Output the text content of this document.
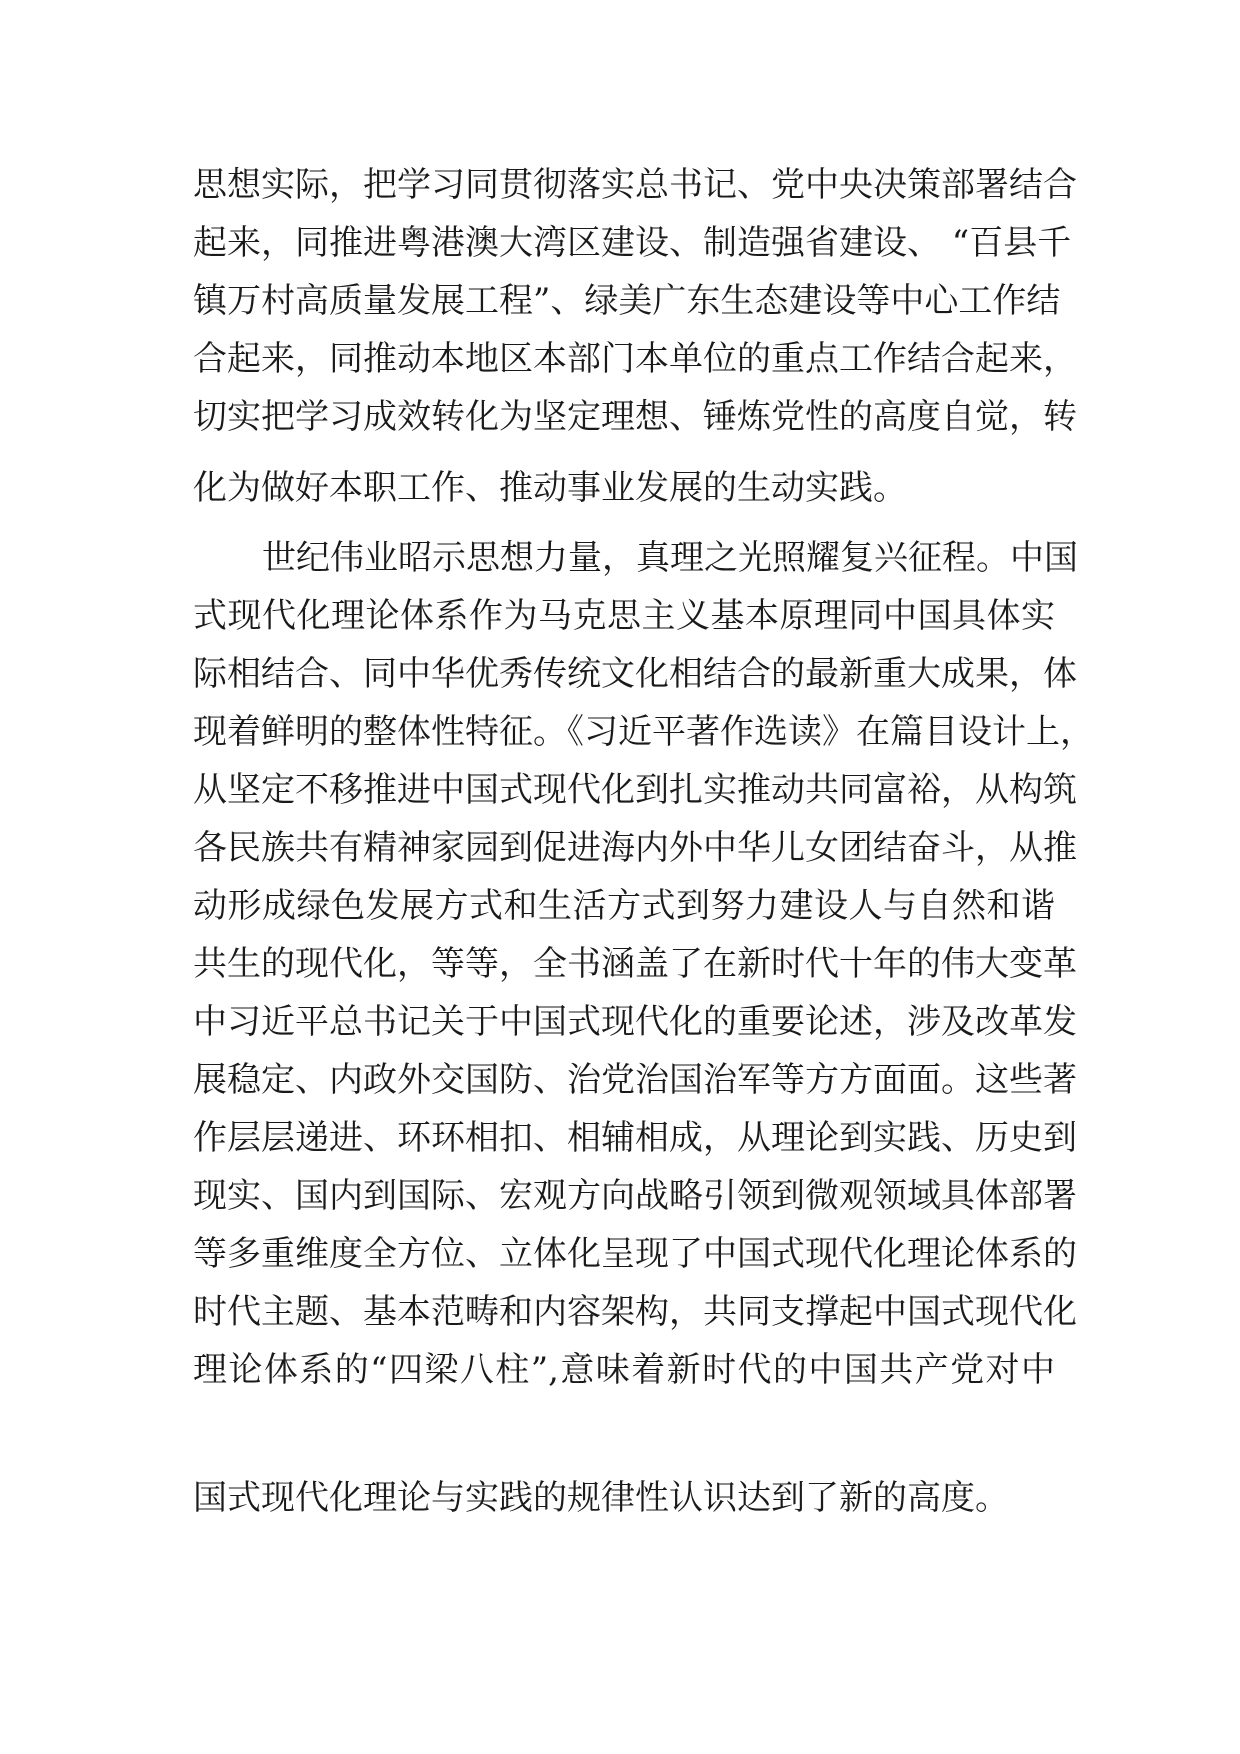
思想实际，把学习同贯彻落实总书记、党中央决策部署结合
起来，同推进粤港澳大湾区建设、制造强省建设、 “百县千
镇万村高质量发展工程”、绿美广东生态建设等中心工作结
合起来，同推动本地区本部门本单位的重点工作结合起来，
切实把学习成效转化为坚定理想、锤炼党性的高度自觉，转
化为做好本职工作、推动事业发展的生动实践。
世纪伟业昭示思想力量，真理之光照耀复兴征程。中国
式现代化理论体系作为马克思主义基本原理同中国具体实
际相结合、同中华优秀传统文化相结合的最新重大成果，体
现着鲜明的整体性特征。《习近平著作选读》在篇目设计上，
从坚定不移推进中国式现代化到扎实推动共同富裕，从构筑
各民族共有精神家园到促进海内外中华儿女团结奋斗，从推
动形成绿色发展方式和生活方式到努力建设人与自然和谐
共生的现代化，等等，全书涵盖了在新时代十年的伟大变革
中习近平总书记关于中国式现代化的重要论述，涉及改革发
展稳定、内政外交国防、治党治国治军等方方面面。这些著
作层层递进、环环相扣、相辅相成，从理论到实践、历史到
现实、国内到国际、宏观方向战略引领到微观领域具体部署
等多重维度全方位、立体化呈现了中国式现代化理论体系的
时代主题、基本范畴和内容架构，共同支撑起中国式现代化
理论体系的“四梁八柱”,意味着新时代的中国共产党对中
国式现代化理论与实践的规律性认识达到了新的高度。
